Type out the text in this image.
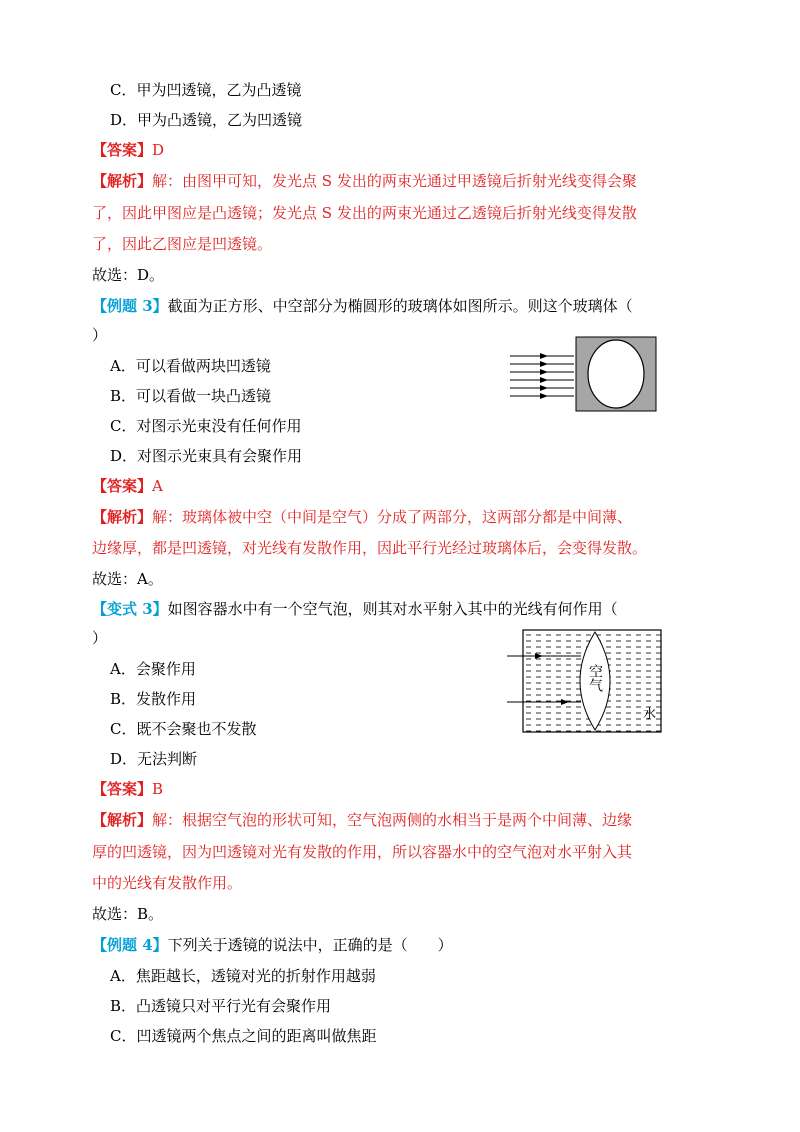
C．甲为凹透镜，乙为凸透镜
D．甲为凸透镜，乙为凹透镜
【答案】D
【解析】解：由图甲可知，发光点 S 发出的两束光通过甲透镜后折射光线变得会聚
了，因此甲图应是凸透镜；发光点 S 发出的两束光通过乙透镜后折射光线变得发散
了，因此乙图应是凹透镜。
故选：D。
【例题 3】截面为正方形、中空部分为椭圆形的玻璃体如图所示。则这个玻璃体（
）
A．可以看做两块凹透镜
B．可以看做一块凸透镜
C．对图示光束没有任何作用
D．对图示光束具有会聚作用
【答案】A
【解析】解：玻璃体被中空（中间是空气）分成了两部分，这两部分都是中间薄、
边缘厚，都是凹透镜，对光线有发散作用，因此平行光经过玻璃体后，会变得发散。
故选：A。
【变式 3】如图容器水中有一个空气泡，则其对水平射入其中的光线有何作用（
）
A．会聚作用
B．发散作用
C．既不会聚也不发散
D．无法判断
空气
水
【答案】B
【解析】解：根据空气泡的形状可知，空气泡两侧的水相当于是两个中间薄、边缘
厚的凹透镜，因为凹透镜对光有发散的作用，所以容器水中的空气泡对水平射入其
中的光线有发散作用。
故选：B。
【例题 4】下列关于透镜的说法中，正确的是（　　）
A．焦距越长，透镜对光的折射作用越弱
B．凸透镜只对平行光有会聚作用
C．凹透镜两个焦点之间的距离叫做焦距
